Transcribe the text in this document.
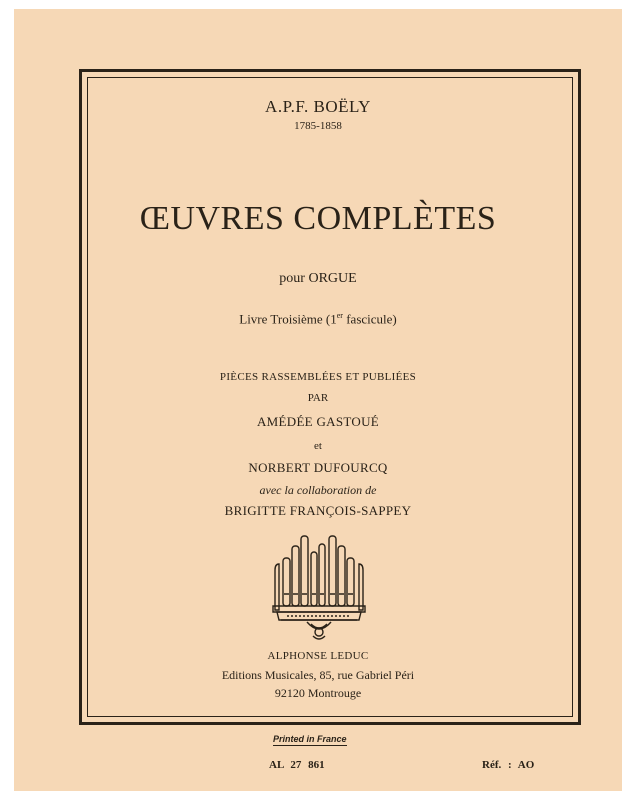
A.P.F. BOËLY
1785-1858
ŒUVRES COMPLÈTES
pour ORGUE
Livre Troisième (1er fascicule)
PIÈCES RASSEMBLÉES ET PUBLIÉES
PAR
AMÉDÉE GASTOUÉ
et
NORBERT DUFOURCQ
avec la collaboration de
BRIGITTE FRANÇOIS-SAPPEY
ALPHONSE LEDUC
Editions Musicales, 85, rue Gabriel Péri
92120 Montrouge
Printed in France
AL 27 861	Réf. : AO
